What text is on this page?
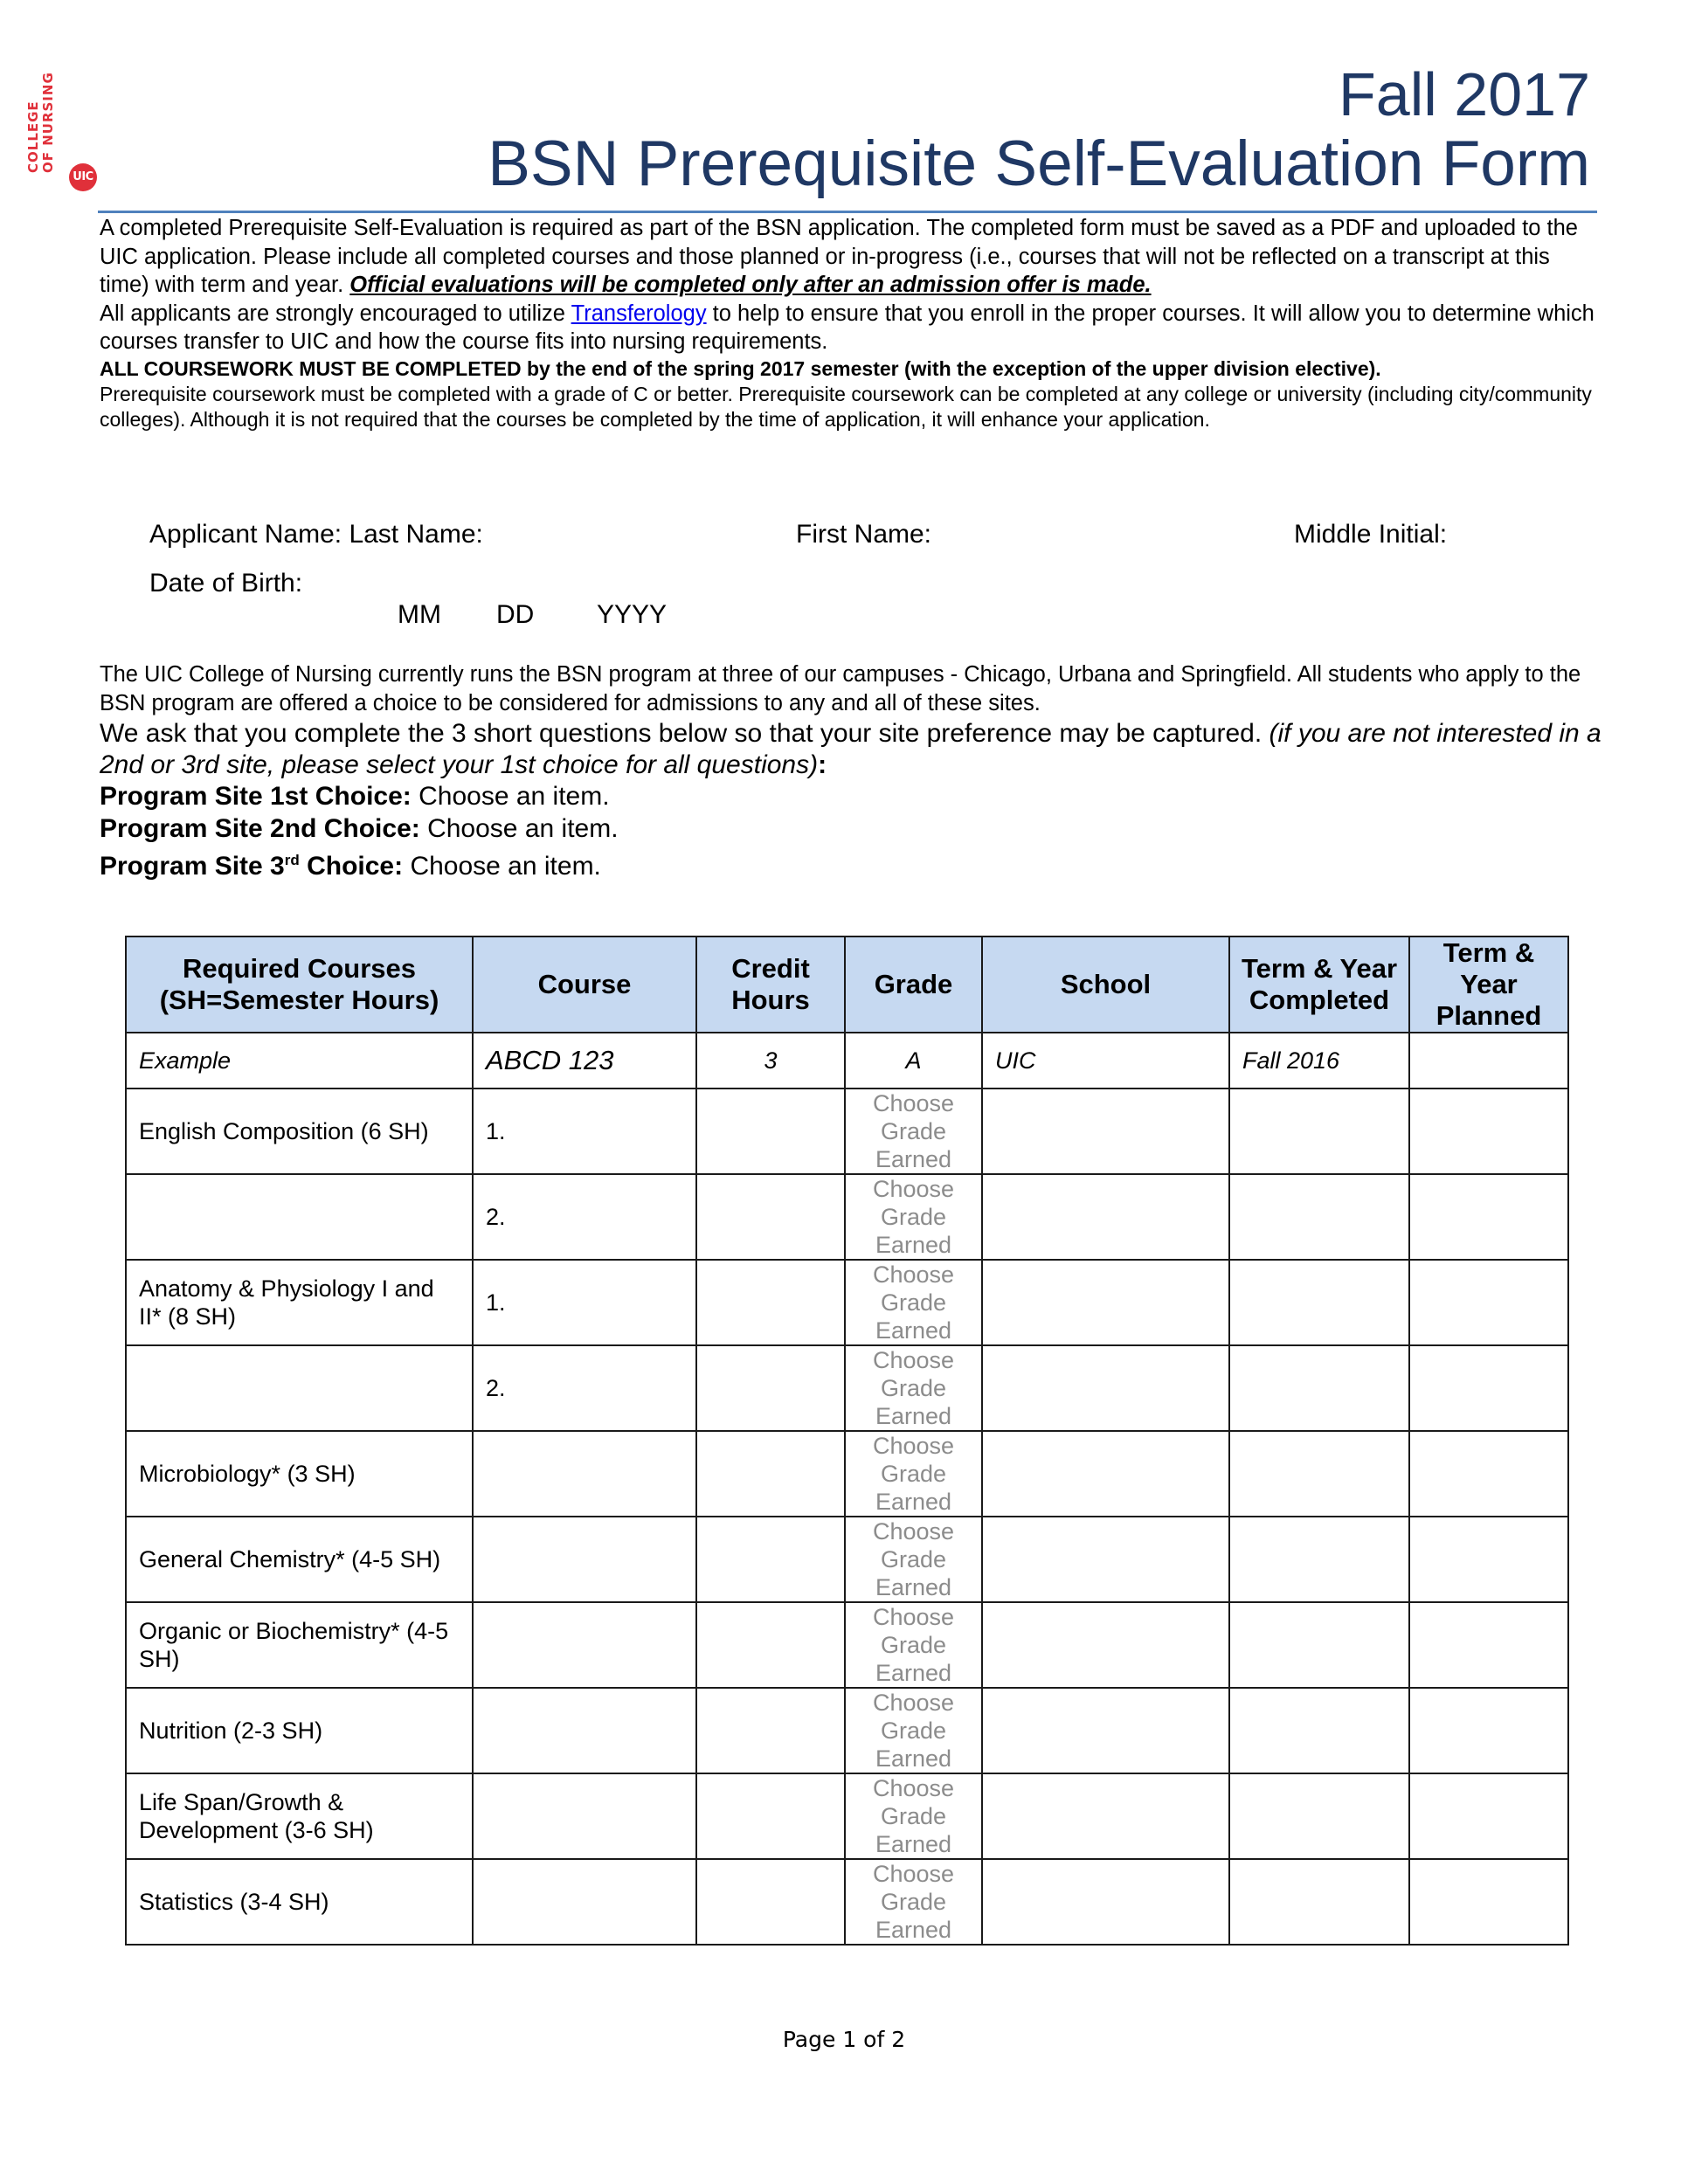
COLLEGE OF NURSING
UIC
Fall 2017
BSN Prerequisite Self-Evaluation Form

A completed Prerequisite Self-Evaluation is required as part of the BSN application. The completed form must be saved as a PDF and uploaded to the UIC application. Please include all completed courses and those planned or in-progress (i.e., courses that will not be reflected on a transcript at this time) with term and year. Official evaluations will be completed only after an admission offer is made.

All applicants are strongly encouraged to utilize Transferology to help to ensure that you enroll in the proper courses. It will allow you to determine which courses transfer to UIC and how the course fits into nursing requirements.

ALL COURSEWORK MUST BE COMPLETED by the end of the spring 2017 semester (with the exception of the upper division elective).

Prerequisite coursework must be completed with a grade of C or better. Prerequisite coursework can be completed at any college or university (including city/community colleges). Although it is not required that the courses be completed by the time of application, it will enhance your application.

Applicant Name: Last Name:	First Name:	Middle Initial:
Date of Birth:
MM DD YYYY

The UIC College of Nursing currently runs the BSN program at three of our campuses - Chicago, Urbana and Springfield. All students who apply to the BSN program are offered a choice to be considered for admissions to any and all of these sites.

We ask that you complete the 3 short questions below so that your site preference may be captured. (if you are not interested in a 2nd or 3rd site, please select your 1st choice for all questions):

Program Site 1st Choice: Choose an item.

Program Site 2nd Choice: Choose an item.

Program Site 3rd Choice: Choose an item.

Required Courses (SH=Semester Hours)	Course	Credit Hours	Grade	School	Term & Year Completed	Term & Year Planned
Example	ABCD 123	3	A	UIC	Fall 2016	
English Composition (6 SH)	1.		Choose Grade Earned			
	2.		Choose Grade Earned			
Anatomy & Physiology I and II* (8 SH)	1.		Choose Grade Earned			
	2.		Choose Grade Earned			
Microbiology* (3 SH)			Choose Grade Earned			
General Chemistry* (4-5 SH)			Choose Grade Earned			
Organic or Biochemistry* (4-5 SH)			Choose Grade Earned			
Nutrition (2-3 SH)			Choose Grade Earned			
Life Span/Growth & Development (3-6 SH)			Choose Grade Earned			
Statistics (3-4 SH)			Choose Grade Earned			
Page 1 of 2
